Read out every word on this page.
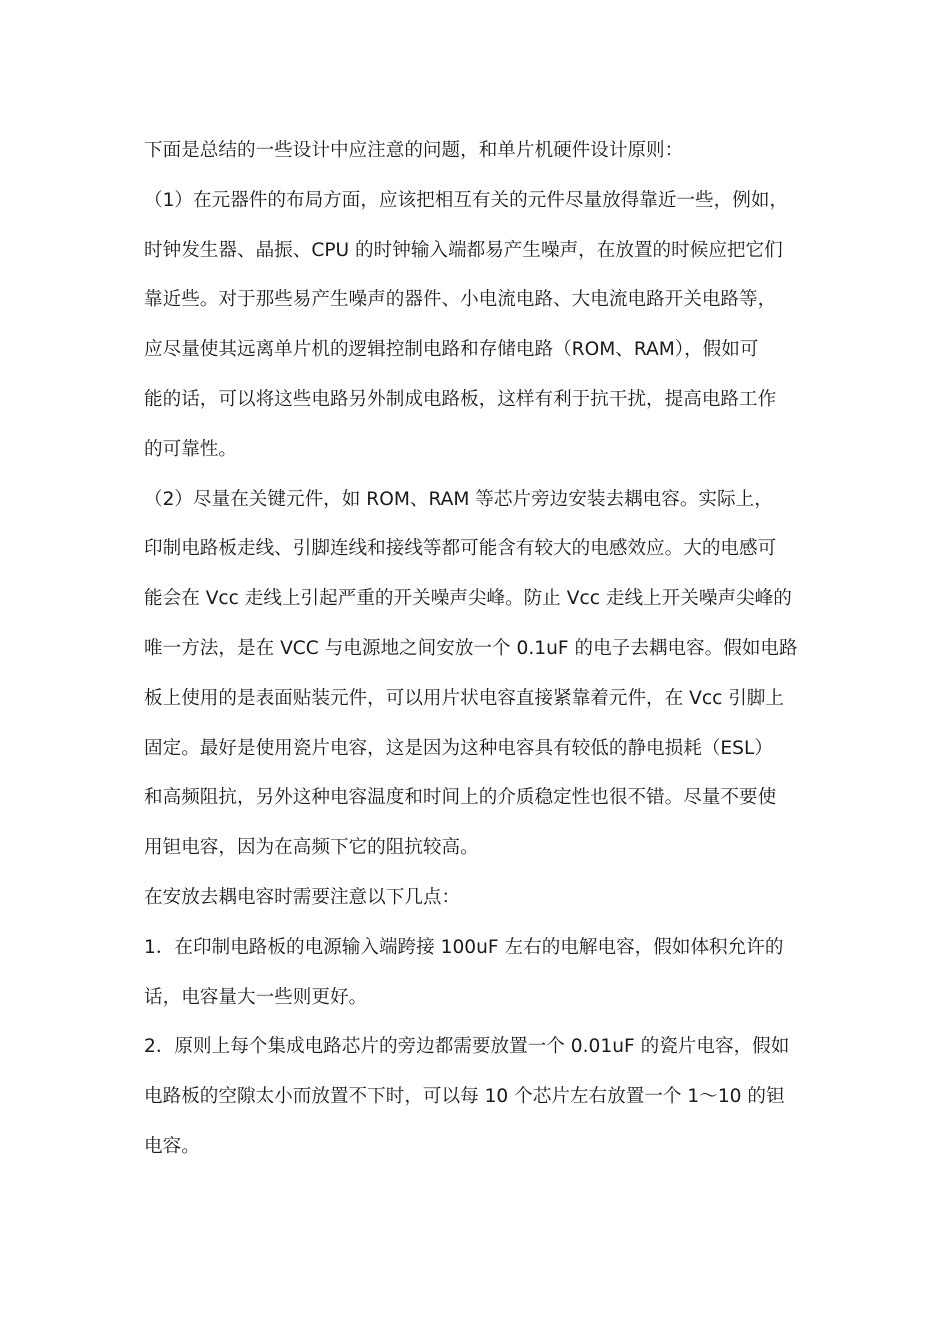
下面是总结的一些设计中应注意的问题，和单片机硬件设计原则：
（1）在元器件的布局方面，应该把相互有关的元件尽量放得靠近一些，例如，
时钟发生器、晶振、CPU 的时钟输入端都易产生噪声，在放置的时候应把它们
靠近些。对于那些易产生噪声的器件、小电流电路、大电流电路开关电路等，
应尽量使其远离单片机的逻辑控制电路和存储电路（ROM、RAM），假如可
能的话，可以将这些电路另外制成电路板，这样有利于抗干扰，提高电路工作
的可靠性。
（2）尽量在关键元件，如 ROM、RAM 等芯片旁边安装去耦电容。实际上，
印制电路板走线、引脚连线和接线等都可能含有较大的电感效应。大的电感可
能会在 Vcc 走线上引起严重的开关噪声尖峰。防止 Vcc 走线上开关噪声尖峰的
唯一方法，是在 VCC 与电源地之间安放一个 0.1uF 的电子去耦电容。假如电路
板上使用的是表面贴装元件，可以用片状电容直接紧靠着元件，在 Vcc 引脚上
固定。最好是使用瓷片电容，这是因为这种电容具有较低的静电损耗（ESL）
和高频阻抗，另外这种电容温度和时间上的介质稳定性也很不错。尽量不要使
用钽电容，因为在高频下它的阻抗较高。
在安放去耦电容时需要注意以下几点：
1．在印制电路板的电源输入端跨接 100uF 左右的电解电容，假如体积允许的
话，电容量大一些则更好。
2．原则上每个集成电路芯片的旁边都需要放置一个 0.01uF 的瓷片电容，假如
电路板的空隙太小而放置不下时，可以每 10 个芯片左右放置一个 1～10 的钽
电容。
